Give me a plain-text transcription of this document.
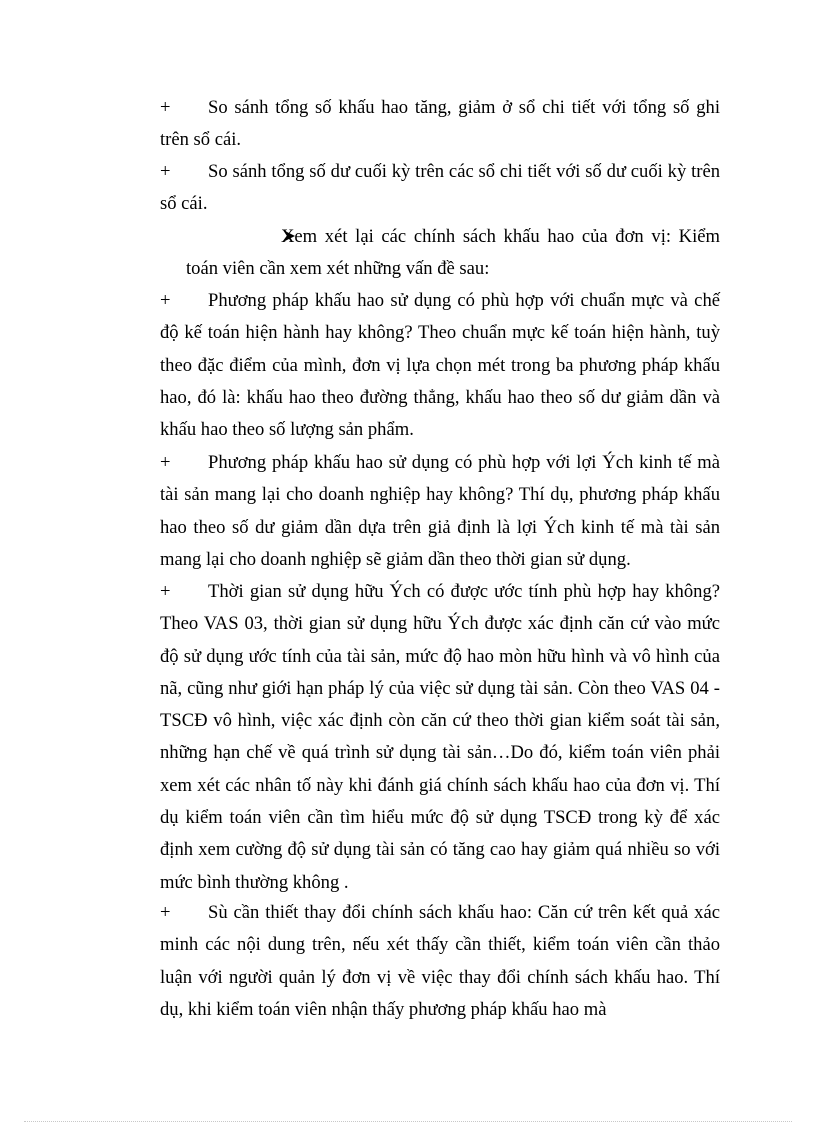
+ So sánh tổng số khấu hao tăng, giảm ở sổ chi tiết với tổng số ghi trên sổ cái.

+ So sánh tổng số dư cuối kỳ trên các sổ chi tiết với số dư cuối kỳ trên sổ cái.

Xem xét lại các chính sách khấu hao của đơn vị: Kiểm toán viên cần xem xét những vấn đề sau:

+ Phương pháp khấu hao sử dụng có phù hợp với chuẩn mực và chế độ kế toán hiện hành hay không? Theo chuẩn mực kế toán hiện hành, tuỳ theo đặc điểm của mình, đơn vị lựa chọn mét trong ba phương pháp khấu hao, đó là: khấu hao theo đường thẳng, khấu hao theo số dư giảm dần và khấu hao theo số lượng sản phẩm.

+ Phương pháp khấu hao sử dụng có phù hợp với lợi Ých kinh tế mà tài sản mang lại cho doanh nghiệp hay không? Thí dụ, phương pháp khấu hao theo số dư giảm dần dựa trên giả định là lợi Ých kinh tế mà tài sản mang lại cho doanh nghiệp sẽ giảm dần theo thời gian sử dụng.

+ Thời gian sử dụng hữu Ých có được ước tính phù hợp hay không? Theo VAS 03, thời gian sử dụng hữu Ých được xác định căn cứ vào mức độ sử dụng ước tính của tài sản, mức độ hao mòn hữu hình và vô hình của nã, cũng như giới hạn pháp lý của việc sử dụng tài sản. Còn theo VAS 04 - TSCĐ vô hình, việc xác định còn căn cứ theo thời gian kiểm soát tài sản, những hạn chế về quá trình sử dụng tài sản…Do đó, kiểm toán viên phải xem xét các nhân tố này khi đánh giá chính sách khấu hao của đơn vị. Thí dụ kiểm toán viên cần tìm hiểu mức độ sử dụng TSCĐ trong kỳ để xác định xem cường độ sử dụng tài sản có tăng cao hay giảm quá nhiều so với mức bình thường không .

+ Sù cần thiết thay đổi chính sách khấu hao: Căn cứ trên kết quả xác minh các nội dung trên, nếu xét thấy cần thiết, kiểm toán viên cần thảo luận với người quản lý đơn vị về việc thay đổi chính sách khấu hao. Thí dụ, khi kiểm toán viên nhận thấy phương pháp khấu hao mà
